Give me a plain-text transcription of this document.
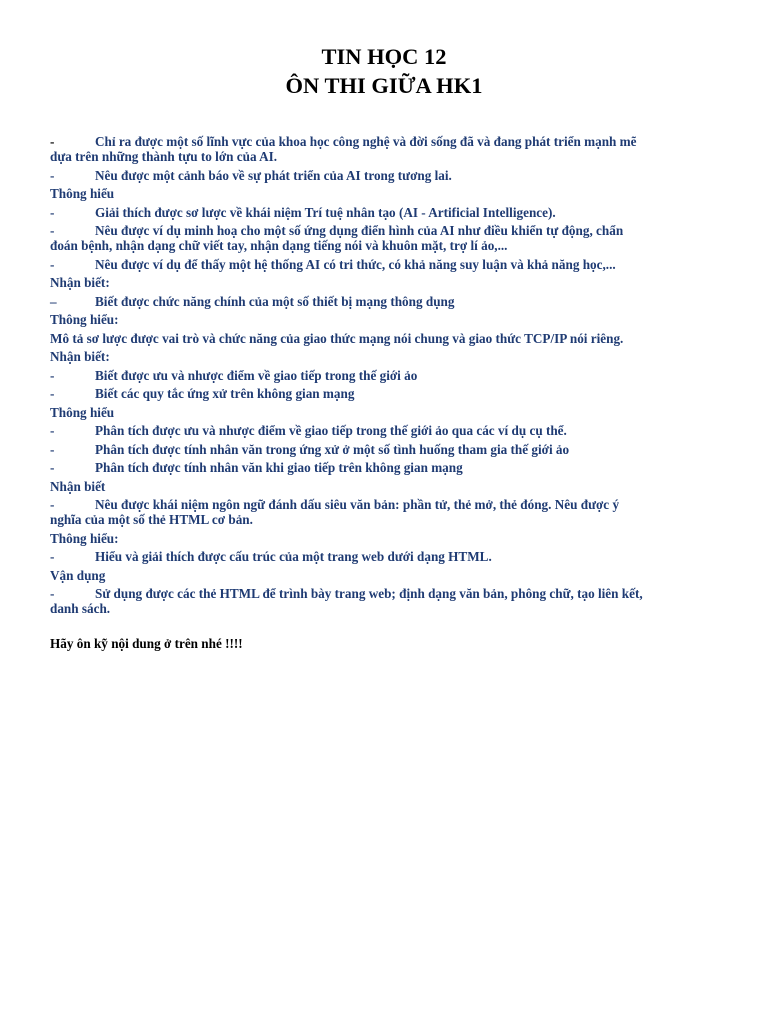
TIN HỌC 12

ÔN THI GIỮA HK1

-	Chỉ ra được một số lĩnh vực của khoa học công nghệ và đời sống đã và đang phát triển mạnh mẽ
dựa trên những thành tựu to lớn của AI.
-	Nêu được một cảnh báo về sự phát triển của AI trong tương lai.
Thông hiểu
-	Giải thích được sơ lược về khái niệm Trí tuệ nhân tạo (AI - Artificial Intelligence).
-	Nêu được ví dụ minh hoạ cho một số ứng dụng điển hình của AI như điều khiển tự động, chẩn
đoán bệnh, nhận dạng chữ viết tay, nhận dạng tiếng nói và khuôn mặt, trợ lí ảo,...
-	Nêu được ví dụ để thấy một hệ thống AI có tri thức, có khả năng suy luận và khả năng học,...
Nhận biết:
–	Biết được chức năng chính của một số thiết bị mạng thông dụng
Thông hiểu:
Mô tả sơ lược được vai trò và chức năng của giao thức mạng nói chung và giao thức TCP/IP nói riêng.
Nhận biết:
-	Biết được ưu và nhược điểm về giao tiếp trong thế giới ảo
-	Biết các quy tắc ứng xử trên không gian mạng
Thông hiểu
-	Phân tích được ưu và nhược điểm về giao tiếp trong thế giới ảo qua các ví dụ cụ thể.
-	Phân tích được tính nhân văn trong ứng xử ở một số tình huống tham gia thế giới ảo
-	Phân tích được tính nhân văn khi giao tiếp trên không gian mạng
Nhận biết
-	Nêu được khái niệm ngôn ngữ đánh dấu siêu văn bản: phần tử, thẻ mở, thẻ đóng. Nêu được ý
nghĩa của một số thẻ HTML cơ bản.
Thông hiểu:
-	Hiểu và giải thích được cấu trúc của một trang web dưới dạng HTML.
Vận dụng
-	Sử dụng được các thẻ HTML để trình bày trang web; định dạng văn bản, phông chữ, tạo liên kết,
danh sách.
Hãy ôn kỹ nội dung ở trên nhé !!!!
